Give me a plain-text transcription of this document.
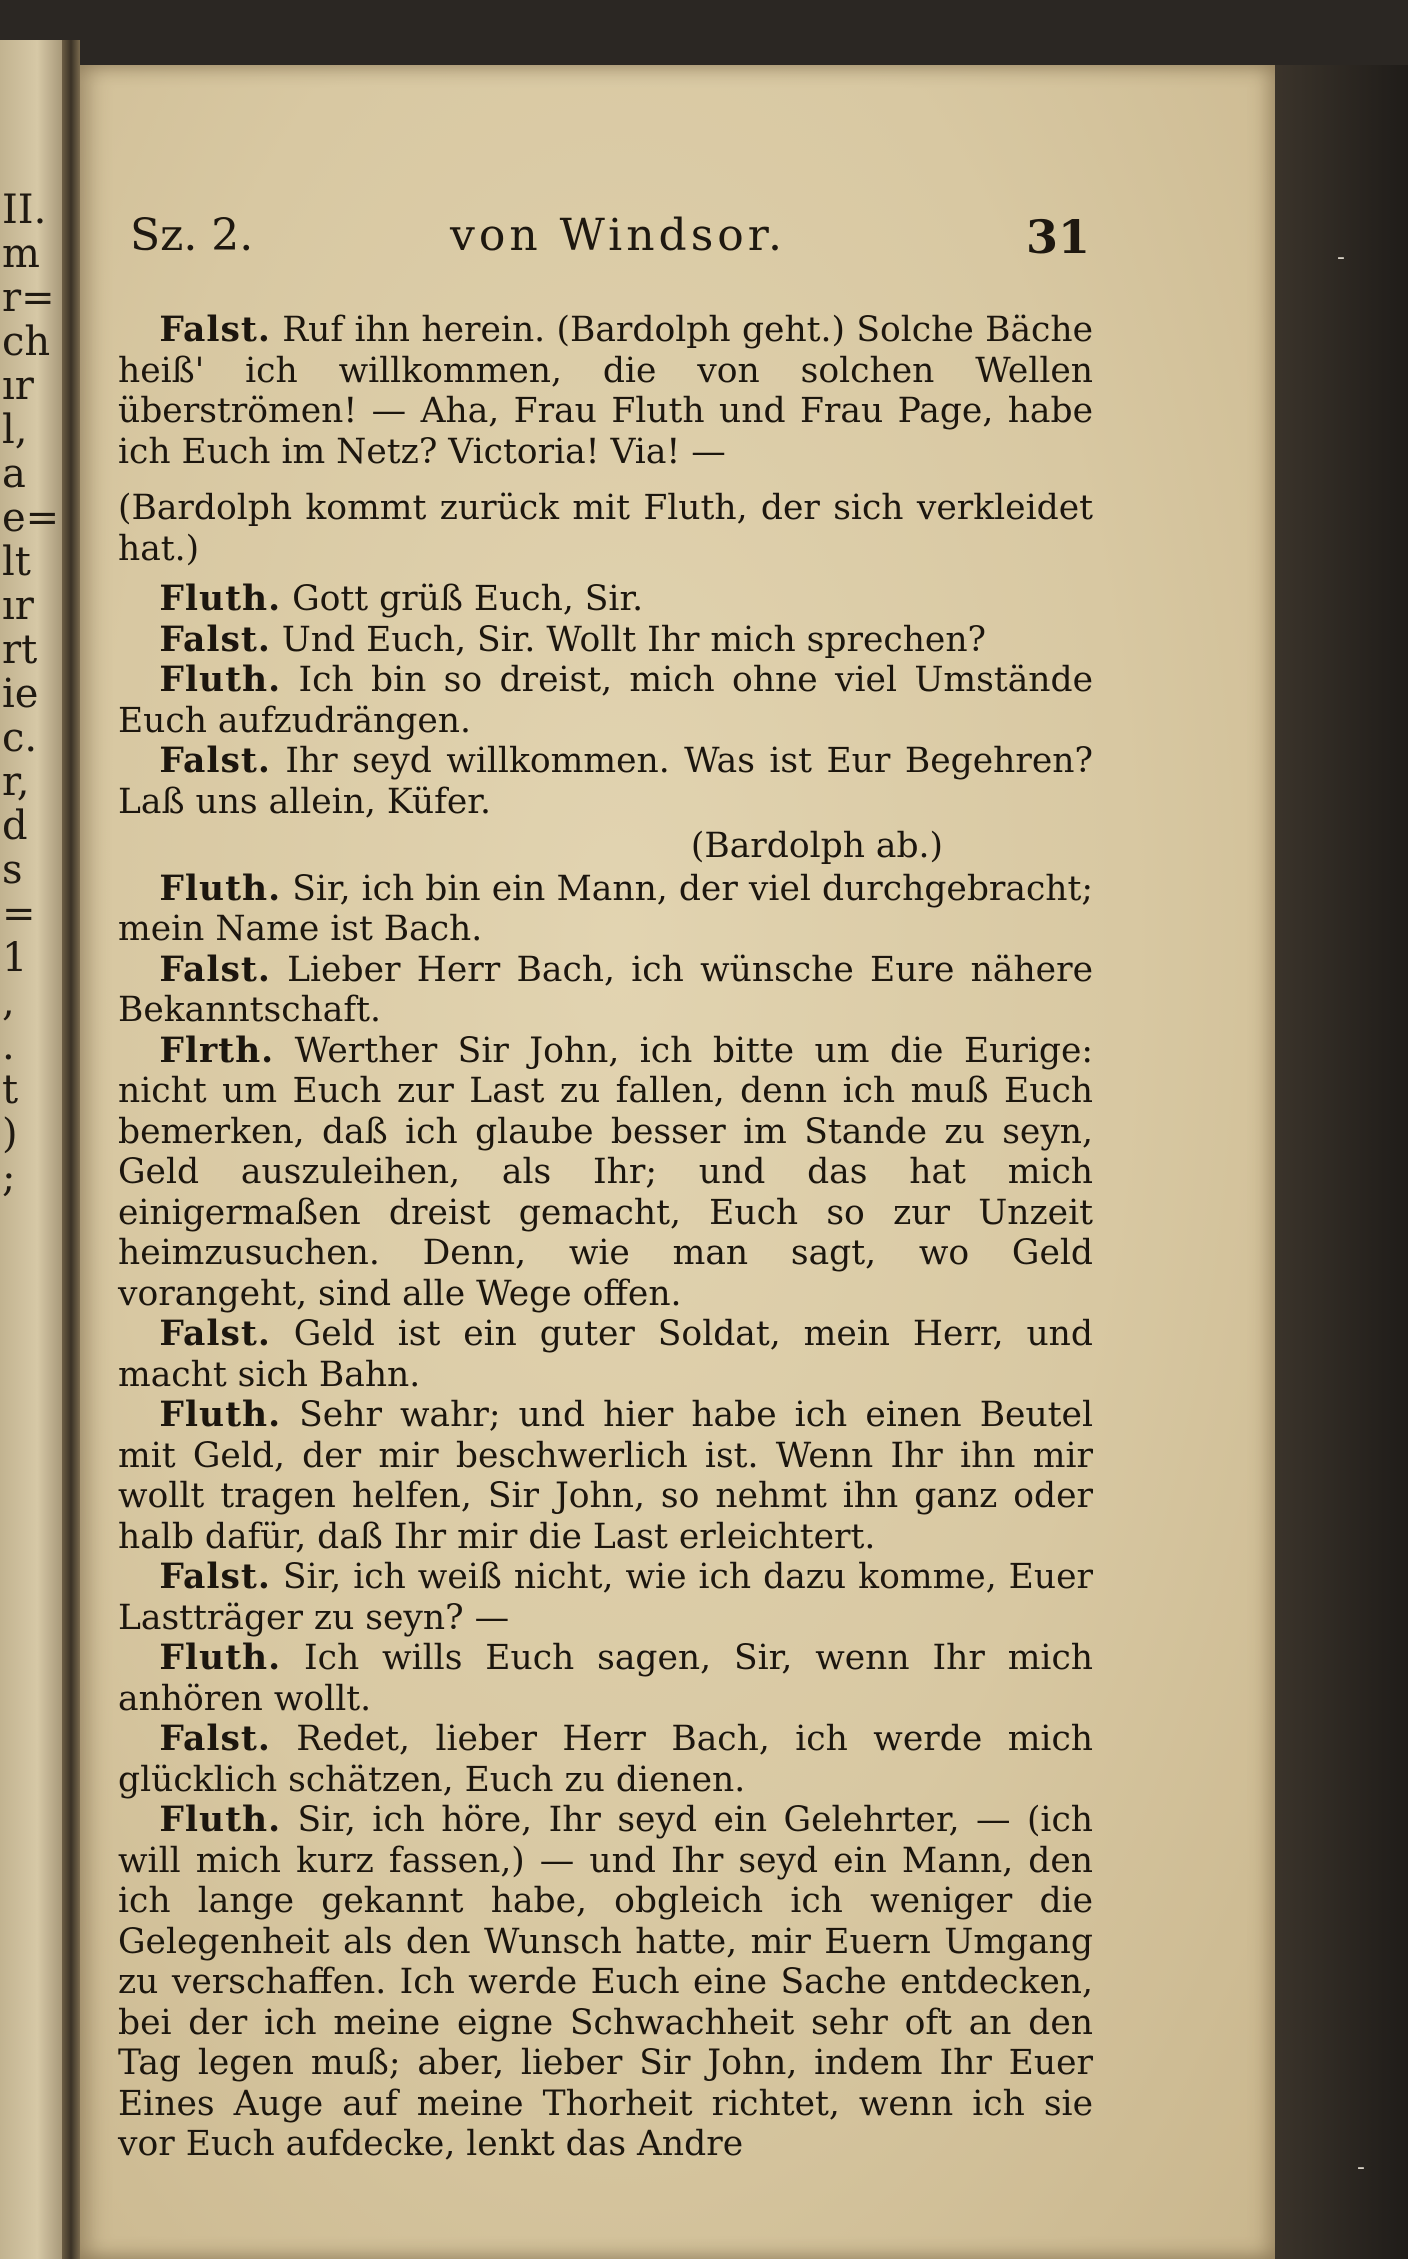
II.
m
r=
ch
ır
l,
a
e=
lt
ır
rt
ie
c.
r,
d
s
=
1
,
.
t
)
;
-
-
Sz. 2.	von Windsor.	31

Falst. Ruf ihn herein. (Bardolph geht.) Solche Bäche heiß' ich willkommen, die von solchen Wellen überströmen! — Aha, Frau Fluth und Frau Page, habe ich Euch im Netz? Victoria! Via! —

(Bardolph kommt zurück mit Fluth, der sich verkleidet hat.)

Fluth. Gott grüß Euch, Sir.

Falst. Und Euch, Sir. Wollt Ihr mich sprechen?

Fluth. Ich bin so dreist, mich ohne viel Umstände Euch aufzudrängen.

Falst. Ihr seyd willkommen. Was ist Eur Begehren? Laß uns allein, Küfer.

(Bardolph ab.)

Fluth. Sir, ich bin ein Mann, der viel durchgebracht; mein Name ist Bach.

Falst. Lieber Herr Bach, ich wünsche Eure nähere Bekanntschaft.

Flrth. Werther Sir John, ich bitte um die Eurige: nicht um Euch zur Last zu fallen, denn ich muß Euch bemerken, daß ich glaube besser im Stande zu seyn, Geld auszuleihen, als Ihr; und das hat mich einigermaßen dreist gemacht, Euch so zur Unzeit heimzusuchen. Denn, wie man sagt, wo Geld vorangeht, sind alle Wege offen.

Falst. Geld ist ein guter Soldat, mein Herr, und macht sich Bahn.

Fluth. Sehr wahr; und hier habe ich einen Beutel mit Geld, der mir beschwerlich ist. Wenn Ihr ihn mir wollt tragen helfen, Sir John, so nehmt ihn ganz oder halb dafür, daß Ihr mir die Last erleichtert.

Falst. Sir, ich weiß nicht, wie ich dazu komme, Euer Lastträger zu seyn? —

Fluth. Ich wills Euch sagen, Sir, wenn Ihr mich anhören wollt.

Falst. Redet, lieber Herr Bach, ich werde mich glücklich schätzen, Euch zu dienen.

Fluth. Sir, ich höre, Ihr seyd ein Gelehrter, — (ich will mich kurz fassen,) — und Ihr seyd ein Mann, den ich lange gekannt habe, obgleich ich weniger die Gelegenheit als den Wunsch hatte, mir Euern Umgang zu verschaffen. Ich werde Euch eine Sache entdecken, bei der ich meine eigne Schwachheit sehr oft an den Tag legen muß; aber, lieber Sir John, indem Ihr Euer Eines Auge auf meine Thorheit richtet, wenn ich sie vor Euch aufdecke, lenkt das Andre
